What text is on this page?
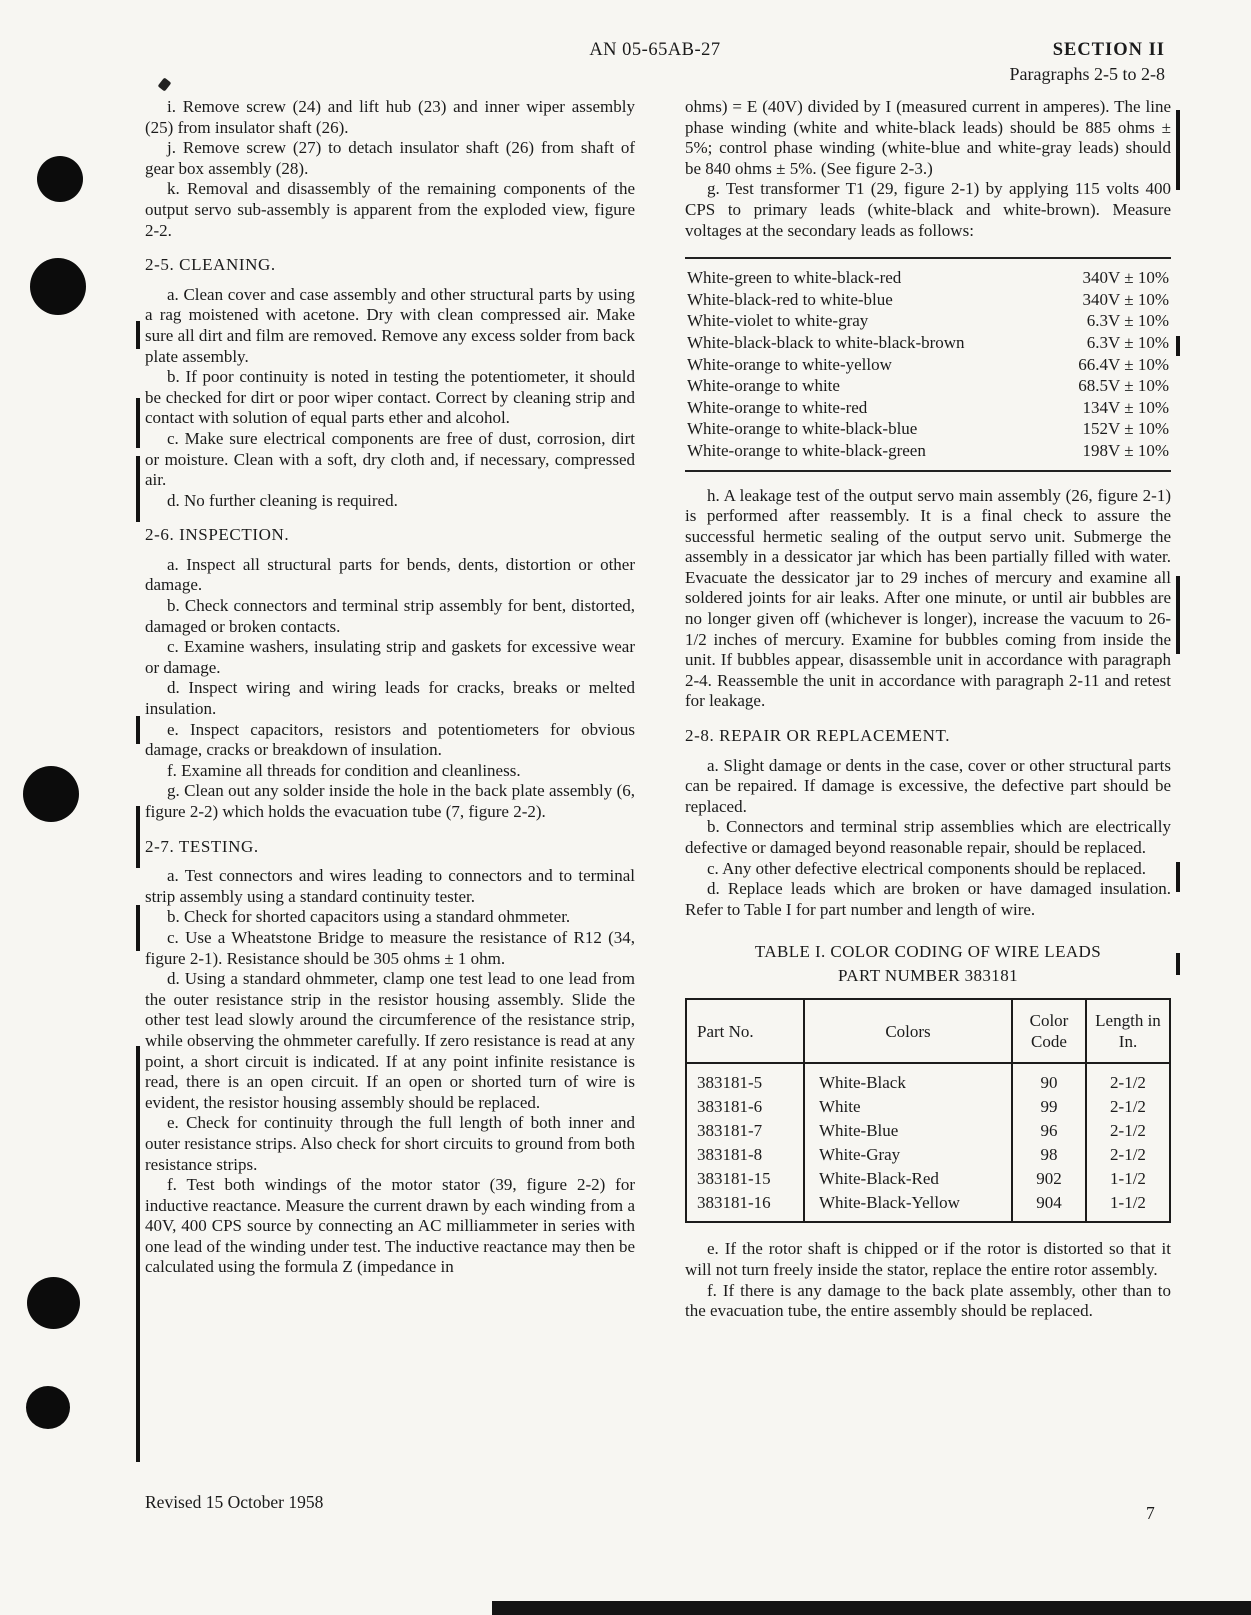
AN 05-65AB-27	SECTION II
Paragraphs 2-5 to 2-8

i. Remove screw (24) and lift hub (23) and inner wiper assembly (25) from insulator shaft (26).

j. Remove screw (27) to detach insulator shaft (26) from shaft of gear box assembly (28).

k. Removal and disassembly of the remaining components of the output servo sub-assembly is apparent from the exploded view, figure 2-2.

2-5. CLEANING.

a. Clean cover and case assembly and other structural parts by using a rag moistened with acetone. Dry with clean compressed air. Make sure all dirt and film are removed. Remove any excess solder from back plate assembly.

b. If poor continuity is noted in testing the potentiometer, it should be checked for dirt or poor wiper contact. Correct by cleaning strip and contact with solution of equal parts ether and alcohol.

c. Make sure electrical components are free of dust, corrosion, dirt or moisture. Clean with a soft, dry cloth and, if necessary, compressed air.

d. No further cleaning is required.

2-6. INSPECTION.

a. Inspect all structural parts for bends, dents, distortion or other damage.

b. Check connectors and terminal strip assembly for bent, distorted, damaged or broken contacts.

c. Examine washers, insulating strip and gaskets for excessive wear or damage.

d. Inspect wiring and wiring leads for cracks, breaks or melted insulation.

e. Inspect capacitors, resistors and potentiometers for obvious damage, cracks or breakdown of insulation.

f. Examine all threads for condition and cleanliness.

g. Clean out any solder inside the hole in the back plate assembly (6, figure 2-2) which holds the evacuation tube (7, figure 2-2).

2-7. TESTING.

a. Test connectors and wires leading to connectors and to terminal strip assembly using a standard continuity tester.

b. Check for shorted capacitors using a standard ohmmeter.

c. Use a Wheatstone Bridge to measure the resistance of R12 (34, figure 2-1). Resistance should be 305 ohms ± 1 ohm.

d. Using a standard ohmmeter, clamp one test lead to one lead from the outer resistance strip in the resistor housing assembly. Slide the other test lead slowly around the circumference of the resistance strip, while observing the ohmmeter carefully. If zero resistance is read at any point, a short circuit is indicated. If at any point infinite resistance is read, there is an open circuit. If an open or shorted turn of wire is evident, the resistor housing assembly should be replaced.

e. Check for continuity through the full length of both inner and outer resistance strips. Also check for short circuits to ground from both resistance strips.

f. Test both windings of the motor stator (39, figure 2-2) for inductive reactance. Measure the current drawn by each winding from a 40V, 400 CPS source by connecting an AC milliammeter in series with one lead of the winding under test. The inductive reactance may then be calculated using the formula Z (impedance in

ohms) = E (40V) divided by I (measured current in amperes). The line phase winding (white and white-black leads) should be 885 ohms ± 5%; control phase winding (white-blue and white-gray leads) should be 840 ohms ± 5%. (See figure 2-3.)

g. Test transformer T1 (29, figure 2-1) by applying 115 volts 400 CPS to primary leads (white-black and white-brown). Measure voltages at the secondary leads as follows:

White-green to white-black-red	340V ± 10%
White-black-red to white-blue	340V ± 10%
White-violet to white-gray	6.3V ± 10%
White-black-black to white-black-brown	6.3V ± 10%
White-orange to white-yellow	66.4V ± 10%
White-orange to white	68.5V ± 10%
White-orange to white-red	134V ± 10%
White-orange to white-black-blue	152V ± 10%
White-orange to white-black-green	198V ± 10%

h. A leakage test of the output servo main assembly (26, figure 2-1) is performed after reassembly. It is a final check to assure the successful hermetic sealing of the output servo unit. Submerge the assembly in a dessicator jar which has been partially filled with water. Evacuate the dessicator jar to 29 inches of mercury and examine all soldered joints for air leaks. After one minute, or until air bubbles are no longer given off (whichever is longer), increase the vacuum to 26-1/2 inches of mercury. Examine for bubbles coming from inside the unit. If bubbles appear, disassemble unit in accordance with paragraph 2-4. Reassemble the unit in accordance with paragraph 2-11 and retest for leakage.

2-8. REPAIR OR REPLACEMENT.

a. Slight damage or dents in the case, cover or other structural parts can be repaired. If damage is excessive, the defective part should be replaced.

b. Connectors and terminal strip assemblies which are electrically defective or damaged beyond reasonable repair, should be replaced.

c. Any other defective electrical components should be replaced.

d. Replace leads which are broken or have damaged insulation. Refer to Table I for part number and length of wire.

TABLE I. COLOR CODING OF WIRE LEADS
PART NUMBER 383181
Part No.	Colors	Color Code	Length in In.
383181-5	White-Black	90	2-1/2
383181-6	White	99	2-1/2
383181-7	White-Blue	96	2-1/2
383181-8	White-Gray	98	2-1/2
383181-15	White-Black-Red	902	1-1/2
383181-16	White-Black-Yellow	904	1-1/2

e. If the rotor shaft is chipped or if the rotor is distorted so that it will not turn freely inside the stator, replace the entire rotor assembly.

f. If there is any damage to the back plate assembly, other than to the evacuation tube, the entire assembly should be replaced.

Revised 15 October 1958
7
